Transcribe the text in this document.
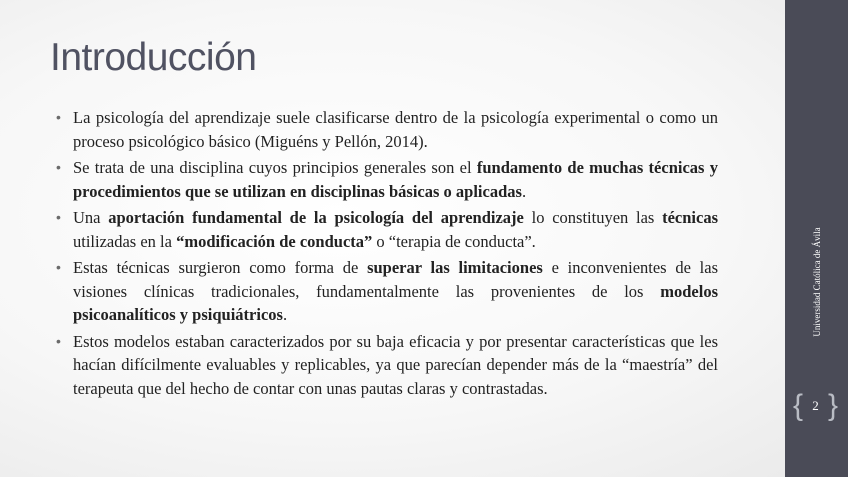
Introducción
• La psicología del aprendizaje suele clasificarse dentro de la psicología experimental o como un proceso psicológico básico (Miguéns y Pellón, 2014).
• Se trata de una disciplina cuyos principios generales son el fundamento de muchas técnicas y procedimientos que se utilizan en disciplinas básicas o aplicadas.
• Una aportación fundamental de la psicología del aprendizaje lo constituyen las técnicas utilizadas en la “modificación de conducta” o “terapia de conducta”.
• Estas técnicas surgieron como forma de superar las limitaciones e inconvenientes de las visiones clínicas tradicionales, fundamentalmente las provenientes de los modelos psicoanalíticos y psiquiátricos.
• Estos modelos estaban caracterizados por su baja eficacia y por presentar características que les hacían difícilmente evaluables y replicables, ya que parecían depender más de la “maestría” del terapeuta que del hecho de contar con unas pautas claras y contrastadas.
Universidad Católica de Ávila
{ 2 }
